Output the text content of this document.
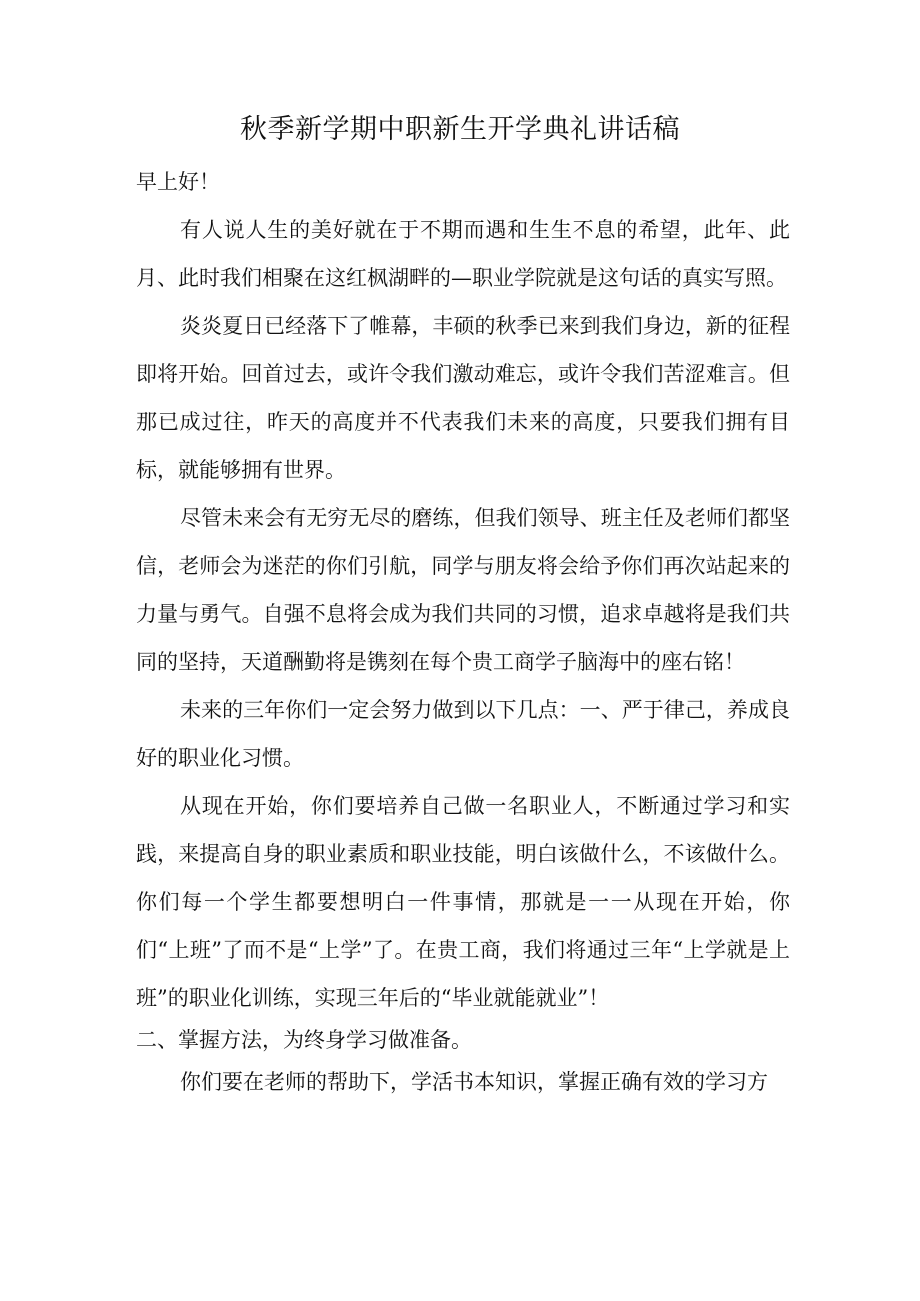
秋季新学期中职新生开学典礼讲话稿

早上好！

有人说人生的美好就在于不期而遇和生生不息的希望，此年、此月、此时我们相聚在这红枫湖畔的—职业学院就是这句话的真实写照。

炎炎夏日已经落下了帷幕，丰硕的秋季已来到我们身边，新的征程即将开始。回首过去，或许令我们激动难忘，或许令我们苦涩难言。但那已成过往，昨天的高度并不代表我们未来的高度，只要我们拥有目标，就能够拥有世界。

尽管未来会有无穷无尽的磨练，但我们领导、班主任及老师们都坚信，老师会为迷茫的你们引航，同学与朋友将会给予你们再次站起来的力量与勇气。自强不息将会成为我们共同的习惯，追求卓越将是我们共同的坚持，天道酬勤将是镌刻在每个贵工商学子脑海中的座右铭！

未来的三年你们一定会努力做到以下几点：一、严于律己，养成良好的职业化习惯。

从现在开始，你们要培养自己做一名职业人，不断通过学习和实践，来提高自身的职业素质和职业技能，明白该做什么，不该做什么。你们每一个学生都要想明白一件事情，那就是一一从现在开始，你们“上班”了而不是“上学”了。在贵工商，我们将通过三年“上学就是上班”的职业化训练，实现三年后的“毕业就能就业”！

二、掌握方法，为终身学习做准备。

你们要在老师的帮助下，学活书本知识，掌握正确有效的学习方
